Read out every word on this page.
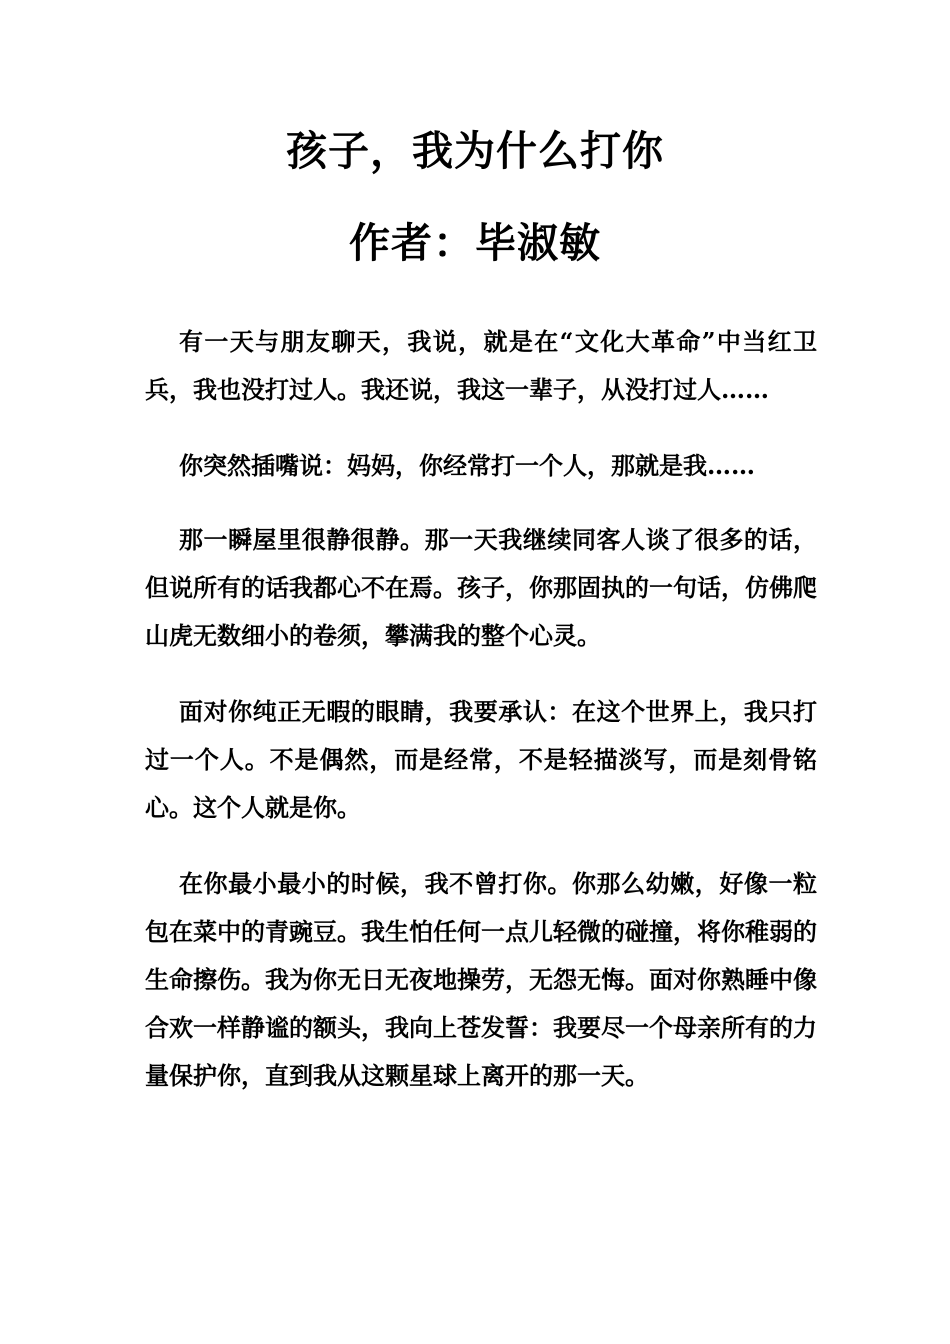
孩子，我为什么打你
作者：毕淑敏

有一天与朋友聊天，我说，就是在“文化大革命”中当红卫兵，我也没打过人。我还说，我这一辈子，从没打过人……

你突然插嘴说：妈妈，你经常打一个人，那就是我……

那一瞬屋里很静很静。那一天我继续同客人谈了很多的话，但说所有的话我都心不在焉。孩子，你那固执的一句话，仿佛爬山虎无数细小的卷须，攀满我的整个心灵。

面对你纯正无暇的眼睛，我要承认：在这个世界上，我只打过一个人。不是偶然，而是经常，不是轻描淡写，而是刻骨铭心。这个人就是你。

在你最小最小的时候，我不曾打你。你那么幼嫩，好像一粒包在菜中的青豌豆。我生怕任何一点儿轻微的碰撞，将你稚弱的生命擦伤。我为你无日无夜地操劳，无怨无悔。面对你熟睡中像合欢一样静谧的额头，我向上苍发誓：我要尽一个母亲所有的力量保护你，直到我从这颗星球上离开的那一天。
